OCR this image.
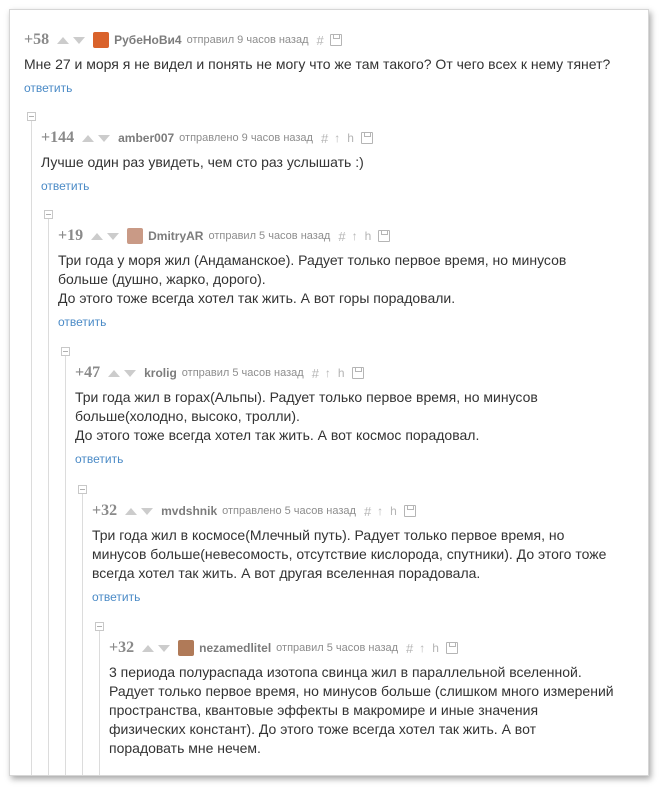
+58	РубеНоВи4 отправил 9 часов назад #
Мне 27 и моря я не видел и понять не могу что же там такого? От чего всех к нему тянет?
ответить
+144	amber007 отправлено 9 часов назад # ↑ h
Лучше один раз увидеть, чем сто раз услышать :)
ответить
+19	DmitryAR отправил 5 часов назад # ↑ h
Три года у моря жил (Андаманское). Радует только первое время, но минусов
больше (душно, жарко, дорого).
До этого тоже всегда хотел так жить. А вот горы порадовали.
ответить
+47	krolig отправил 5 часов назад # ↑ h
Три года жил в горах(Альпы). Радует только первое время, но минусов
больше(холодно, высоко, тролли).
До этого тоже всегда хотел так жить. А вот космос порадовал.
ответить
+32	mvdshnik отправлено 5 часов назад # ↑ h
Три года жил в космосе(Млечный путь). Радует только первое время, но
минусов больше(невесомость, отсутствие кислорода, спутники). До этого тоже
всегда хотел так жить. А вот другая вселенная порадовала.
ответить
+32	nezamedlitel отправил 5 часов назад # ↑ h
3 периода полураспада изотопа свинца жил в параллельной вселенной.
Радует только первое время, но минусов больше (слишком много измерений
пространства, квантовые эффекты в макромире и иные значения
физических констант). До этого тоже всегда хотел так жить. А вот
порадовать мне нечем.
